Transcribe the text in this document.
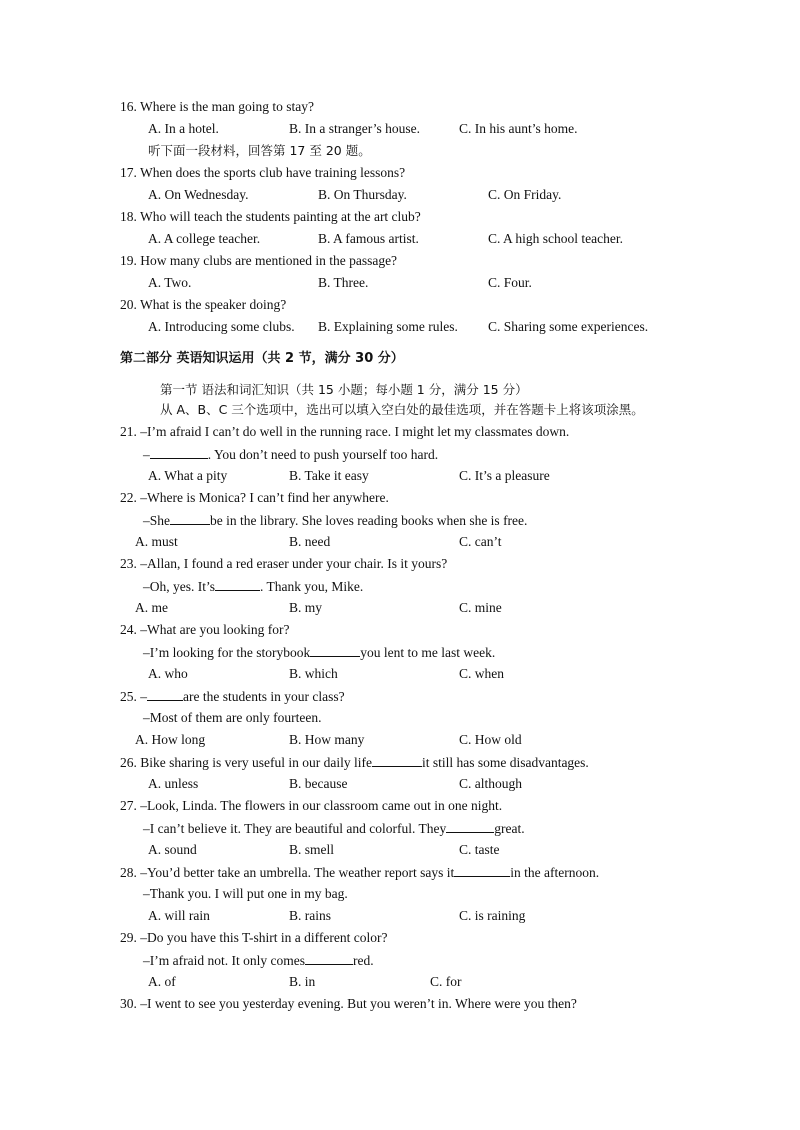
16. Where is the man going to stay?
A. In a hotel.	B. In a stranger’s house.	C. In his aunt’s home.
听下面一段材料，回答第 17 至 20 题。
17. When does the sports club have training lessons?
A. On Wednesday.	B. On Thursday.	C. On Friday.
18. Who will teach the students painting at the art club?
A. A college teacher.	B. A famous artist.	C. A high school teacher.
19. How many clubs are mentioned in the passage?
A. Two.	B. Three.	C. Four.
20. What is the speaker doing?
A. Introducing some clubs. B. Explaining some rules. C. Sharing some experiences.
第二部分 英语知识运用（共 2 节，满分 30 分）
第一节 语法和词汇知识（共 15 小题；每小题 1 分，满分 15 分）
从 A、B、C 三个选项中，选出可以填入空白处的最佳选项，并在答题卡上将该项涂黑。
21. –I’m afraid I can’t do well in the running race. I might let my classmates down.
–	. You don’t need to push yourself too hard.
A. What a pity	B. Take it easy	C. It’s a pleasure
22. –Where is Monica? I can’t find her anywhere.
–She	be in the library. She loves reading books when she is free.
A. must	B. need	C. can’t
23. –Allan, I found a red eraser under your chair. Is it yours?
–Oh, yes. It’s	. Thank you, Mike.
A. me	B. my	C. mine
24. –What are you looking for?
–I’m looking for the storybook	you lent to me last week.
A. who	B. which	C. when
25. –	are the students in your class?
–Most of them are only fourteen.
A. How long	B. How many	C. How old
26. Bike sharing is very useful in our daily life	it still has some disadvantages.
A. unless	B. because	C. although
27. –Look, Linda. The flowers in our classroom came out in one night.
–I can’t believe it. They are beautiful and colorful. They	great.
A. sound	B. smell	C. taste
28. –You’d better take an umbrella. The weather report says it	in the afternoon.
–Thank you. I will put one in my bag.
A. will rain	B. rains	C. is raining
29. –Do you have this T-shirt in a different color?
–I’m afraid not. It only comes	red.
A. of	B. in	C. for
30. –I went to see you yesterday evening. But you weren’t in. Where were you then?
